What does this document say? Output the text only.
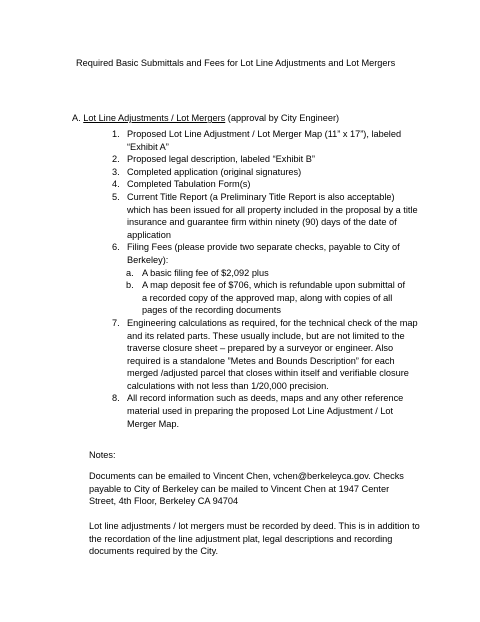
Required Basic Submittals and Fees for Lot Line Adjustments and Lot Mergers
A. Lot Line Adjustments / Lot Mergers (approval by City Engineer)
1. Proposed Lot Line Adjustment / Lot Merger Map (11” x 17”), labeled
“Exhibit A”
2. Proposed legal description, labeled “Exhibit B”
3. Completed application (original signatures)
4. Completed Tabulation Form(s)
5. Current Title Report (a Preliminary Title Report is also acceptable)
which has been issued for all property included in the proposal by a title
insurance and guarantee firm within ninety (90) days of the date of
application
6. Filing Fees (please provide two separate checks, payable to City of
Berkeley):
a. A basic filing fee of $2,092 plus
b. A map deposit fee of $706, which is refundable upon submittal of
a recorded copy of the approved map, along with copies of all
pages of the recording documents
7. Engineering calculations as required, for the technical check of the map
and its related parts. These usually include, but are not limited to the
traverse closure sheet – prepared by a surveyor or engineer. Also
required is a standalone ”Metes and Bounds Description” for each
merged /adjusted parcel that closes within itself and verifiable closure
calculations with not less than 1/20,000 precision.
8. All record information such as deeds, maps and any other reference
material used in preparing the proposed Lot Line Adjustment / Lot
Merger Map.
Notes:
Documents can be emailed to Vincent Chen, vchen@berkeleyca.gov. Checks
payable to City of Berkeley can be mailed to Vincent Chen at 1947 Center
Street, 4th Floor, Berkeley CA 94704
Lot line adjustments / lot mergers must be recorded by deed. This is in addition to
the recordation of the line adjustment plat, legal descriptions and recording
documents required by the City.
